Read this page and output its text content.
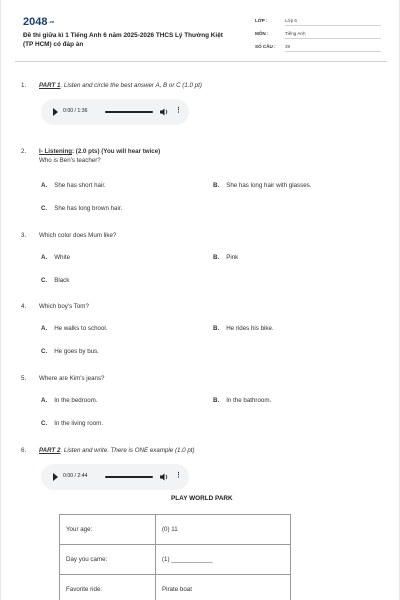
$2048_{.vn}$
Đề thi giữa kì 1 Tiếng Anh 6 năm 2025-2026 THCS Lý Thường Kiệt (TP HCM) có đáp án
LỚP :	Lớp 6
MÔN :	Tiếng Anh
SỐ CÂU : 39
1. PART 1. Listen and circle the best answer A, B or C (1.0 pt)
0:00 / 1:36	⋮
2. I- Listening: (2.0 pts) (You will hear twice)
Who is Ben's teacher?
A. She has short hair.	B. She has long hair with glasses.
C. She has long brown hair.
3. Which color does Mum like?
A. White	B. Pink
C. Black
4. Which boy's Tom?
A. He walks to school.	B. He rides his bike.
C. He goes by bus.
5. Where are Kim's jeans?
A. In the bedroom.	B. In the bathroom.
C. In the living room.
6. PART 2. Listen and write. There is ONE example (1.0 pt)
0:00 / 2:44	⋮
PLAY WORLD PARK
Your age:	(0) 11
Day you came:	(1) ____________
Favorite ride:	Pirate boat
